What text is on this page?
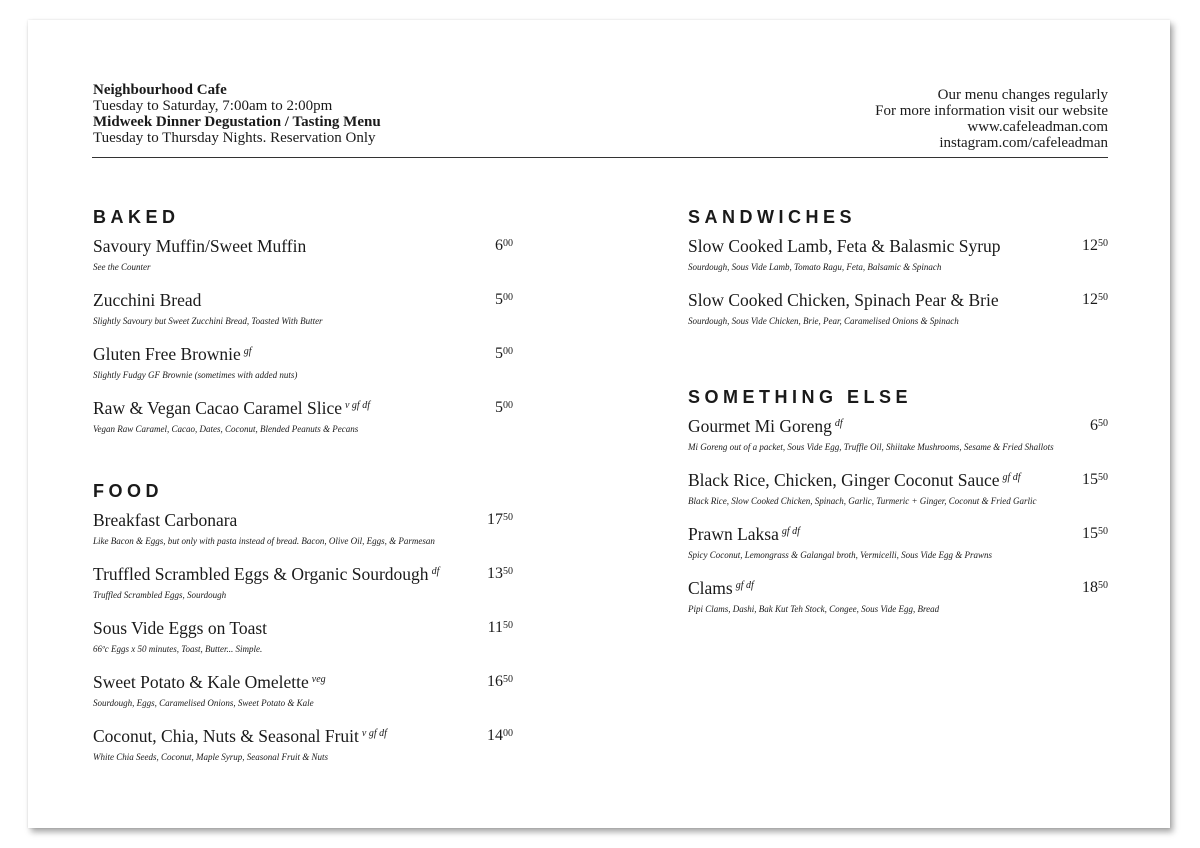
Neighbourhood Cafe
Tuesday to Saturday, 7:00am to 2:00pm
Midweek Dinner Degustation / Tasting Menu
Tuesday to Thursday Nights. Reservation Only
Our menu changes regularly
For more information visit our website
www.cafeleadman.com
instagram.com/cafeleadman
BAKED
Savoury Muffin/Sweet Muffin
See the Counter
$6^{00}$
Zucchini Bread
Slightly Savoury but Sweet Zucchini Bread, Toasted With Butter
$5^{00}$
Gluten Free Brownie $^{gf}$
Slightly Fudgy GF Brownie (sometimes with added nuts)
$5^{00}$
Raw & Vegan Cacao Caramel Slice $^{v gf df}$
Vegan Raw Caramel, Cacao, Dates, Coconut, Blended Peanuts & Pecans
$5^{00}$
FOOD
Breakfast Carbonara
Like Bacon & Eggs, but only with pasta instead of bread. Bacon, Olive Oil, Eggs, & Parmesan
$17^{50}$
Truffled Scrambled Eggs & Organic Sourdough $^{df}$
Truffled Scrambled Eggs, Sourdough
$13^{50}$
Sous Vide Eggs on Toast
66ºc Eggs x 50 minutes, Toast, Butter... Simple.
$11^{50}$
Sweet Potato & Kale Omelette $^{veg}$
Sourdough, Eggs, Caramelised Onions, Sweet Potato & Kale
$16^{50}$
Coconut, Chia, Nuts & Seasonal Fruit $^{v gf df}$
White Chia Seeds, Coconut, Maple Syrup, Seasonal Fruit & Nuts
$14^{00}$
SANDWICHES
Slow Cooked Lamb, Feta & Balasmic Syrup
Sourdough, Sous Vide Lamb, Tomato Ragu, Feta, Balsamic & Spinach
$12^{50}$
Slow Cooked Chicken, Spinach Pear & Brie
Sourdough, Sous Vide Chicken, Brie, Pear, Caramelised Onions & Spinach
$12^{50}$
SOMETHING ELSE
Gourmet Mi Goreng $^{df}$
Mi Goreng out of a packet, Sous Vide Egg, Truffle Oil, Shiitake Mushrooms, Sesame & Fried Shallots
$6^{50}$
Black Rice, Chicken, Ginger Coconut Sauce $^{gf df}$
Black Rice, Slow Cooked Chicken, Spinach, Garlic, Turmeric + Ginger, Coconut & Fried Garlic
$15^{50}$
Prawn Laksa $^{gf df}$
Spicy Coconut, Lemongrass & Galangal broth, Vermicelli, Sous Vide Egg & Prawns
$15^{50}$
Clams $^{gf df}$
Pipi Clams, Dashi, Bak Kut Teh Stock, Congee, Sous Vide Egg, Bread
$18^{50}$
